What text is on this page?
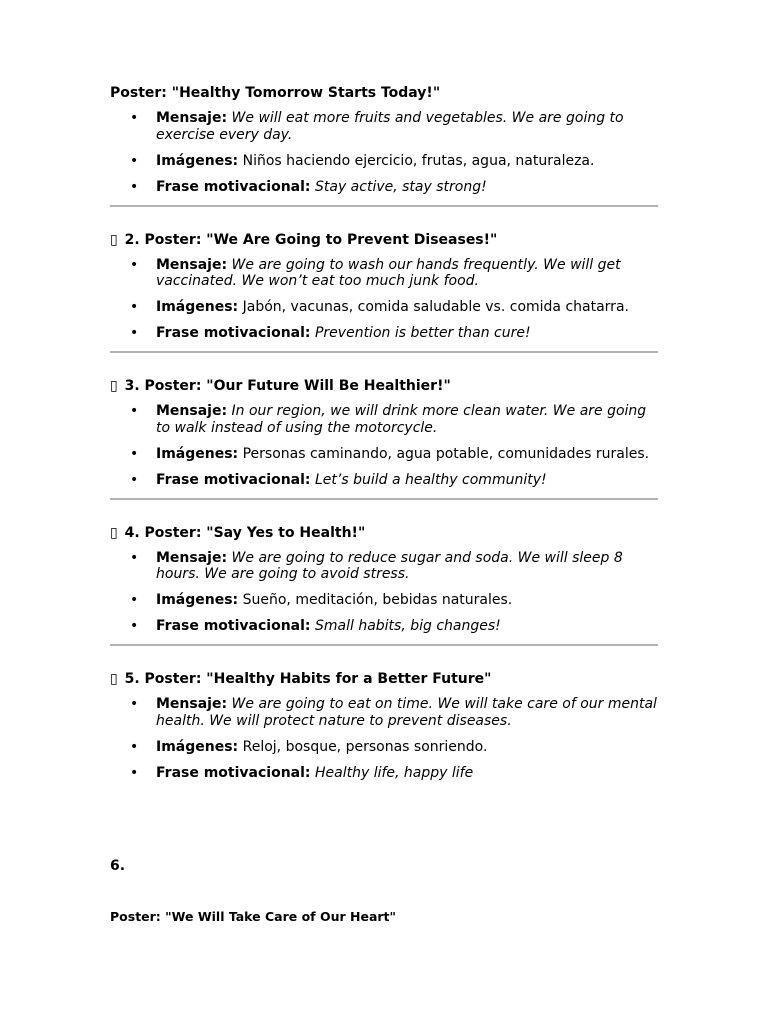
Poster: "Healthy Tomorrow Starts Today!"
• Mensaje: We will eat more fruits and vegetables. We are going to exercise every day.
• Imágenes: Niños haciendo ejercicio, frutas, agua, naturaleza.
• Frase motivacional: Stay active, stay strong!
▯ 2. Poster: "We Are Going to Prevent Diseases!"
• Mensaje: We are going to wash our hands frequently. We will get vaccinated. We won’t eat too much junk food.
• Imágenes: Jabón, vacunas, comida saludable vs. comida chatarra.
• Frase motivacional: Prevention is better than cure!
▯ 3. Poster: "Our Future Will Be Healthier!"
• Mensaje: In our region, we will drink more clean water. We are going to walk instead of using the motorcycle.
• Imágenes: Personas caminando, agua potable, comunidades rurales.
• Frase motivacional: Let’s build a healthy community!
▯ 4. Poster: "Say Yes to Health!"
• Mensaje: We are going to reduce sugar and soda. We will sleep 8 hours. We are going to avoid stress.
• Imágenes: Sueño, meditación, bebidas naturales.
• Frase motivacional: Small habits, big changes!
▯ 5. Poster: "Healthy Habits for a Better Future"
• Mensaje: We are going to eat on time. We will take care of our mental health. We will protect nature to prevent diseases.
• Imágenes: Reloj, bosque, personas sonriendo.
• Frase motivacional: Healthy life, happy life
6.
Poster: "We Will Take Care of Our Heart"
